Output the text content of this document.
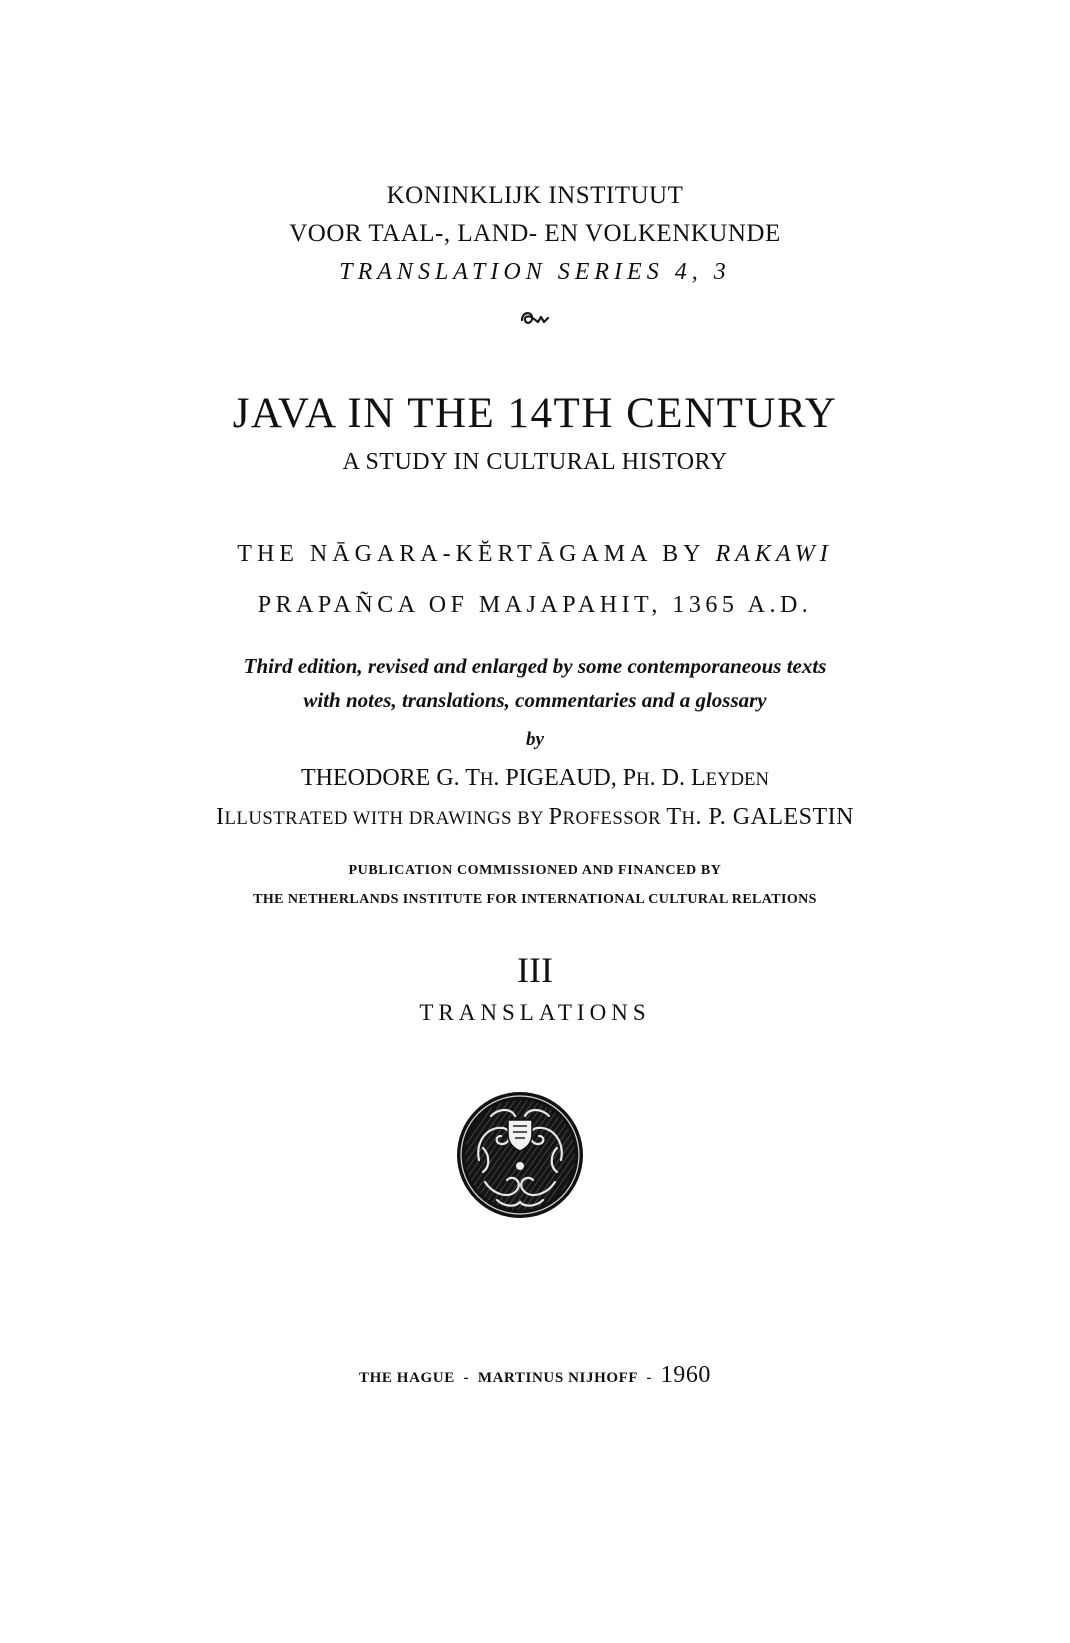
KONINKLIJK INSTITUUT
VOOR TAAL-, LAND- EN VOLKENKUNDE
TRANSLATION SERIES 4, 3
JAVA IN THE 14TH CENTURY
A STUDY IN CULTURAL HISTORY
THE NĀGARA-KĔRTĀGAMA BY RAKAWI
PRAPAÑCA OF MAJAPAHIT, 1365 A.D.
Third edition, revised and enlarged by some contemporaneous texts
with notes, translations, commentaries and a glossary
by
THEODORE G. TH. PIGEAUD, PH. D. LEYDEN
ILLUSTRATED WITH DRAWINGS BY PROFESSOR TH. P. GALESTIN
PUBLICATION COMMISSIONED AND FINANCED BY
THE NETHERLANDS INSTITUTE FOR INTERNATIONAL CULTURAL RELATIONS
III
TRANSLATIONS
THE HAGUE  -  MARTINUS NIJHOFF  -  1960
